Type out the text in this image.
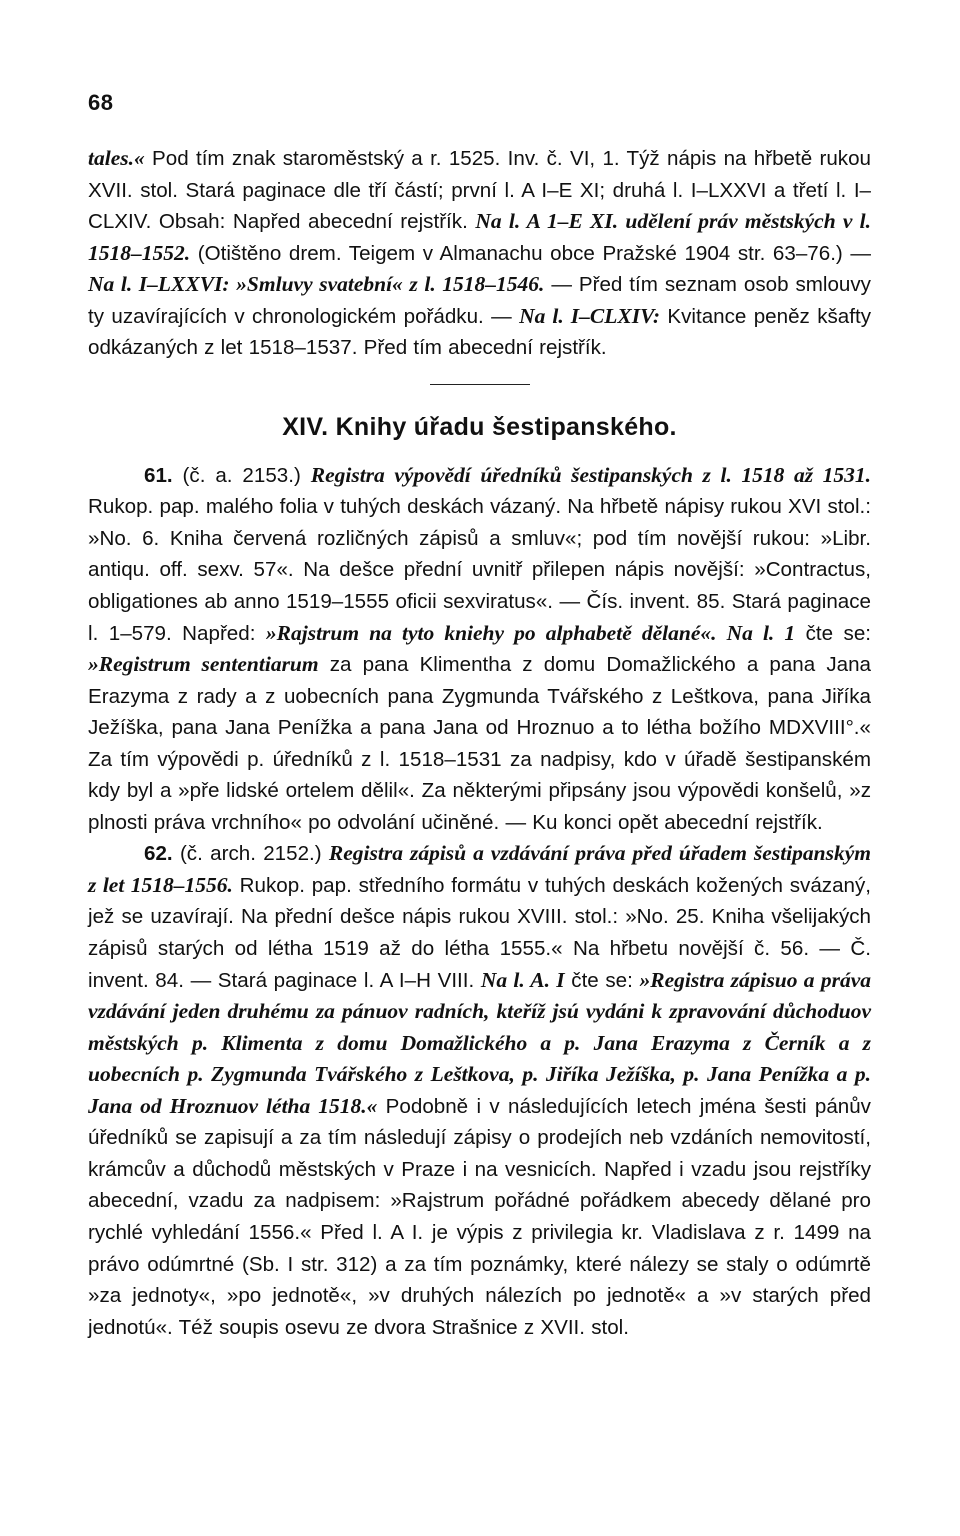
68

tales.« Pod tím znak staroměstský a r. 1525. Inv. č. VI, 1. Týž nápis na hřbetě rukou XVII. stol. Stará paginace dle tří částí; první l. A I–E XI; druhá l. I–LXXVI a třetí l. I–CLXIV. Obsah: Napřed abecední rejstřík. Na l. A 1–E XI. udělení práv městských v l. 1518–1552. (Otištěno drem. Teigem v Almanachu obce Pražské 1904 str. 63–76.) — Na l. I–LXXVI: »Smluvy svatební« z l. 1518–1546. — Před tím seznam osob smlouvy ty uzavírajících v chronologickém pořádku. — Na l. I–CLXIV: Kvitance peněz kšafty odkázaných z let 1518–1537. Před tím abecední rejstřík.

XIV. Knihy úřadu šestipanského.

61. (č. a. 2153.) Registra výpovědí úředníků šestipanských z l. 1518 až 1531. Rukop. pap. malého folia v tuhých deskách vázaný. Na hřbetě nápisy rukou XVI stol.: »No. 6. Kniha červená rozličných zápisů a smluv«; pod tím novější rukou: »Libr. antiqu. off. sexv. 57«. Na dešce přední uvnitř přilepen nápis novější: »Contractus, obligationes ab anno 1519–1555 oficii sexviratus«. — Čís. invent. 85. Stará paginace l. 1–579. Napřed: »Rajstrum na tyto kniehy po alphabetě dělané«. Na l. 1 čte se: »Registrum sententiarum za pana Klimentha z domu Domažlického a pana Jana Erazyma z rady a z uobecních pana Zygmunda Tvářského z Leštkova, pana Jiříka Ježíška, pana Jana Penížka a pana Jana od Hroznuo a to létha božího MDXVIII°.« Za tím výpovědi p. úředníků z l. 1518–1531 za nadpisy, kdo v úřadě šestipanském kdy byl a »pře lidské ortelem dělil«. Za některými připsány jsou výpovědi konšelů, »z plnosti práva vrchního« po odvolání učiněné. — Ku konci opět abecední rejstřík.

62. (č. arch. 2152.) Registra zápisů a vzdávání práva před úřadem šestipanským z let 1518–1556. Rukop. pap. středního formátu v tuhých deskách kožených svázaný, jež se uzavírají. Na přední dešce nápis rukou XVIII. stol.: »No. 25. Kniha všelijakých zápisů starých od létha 1519 až do létha 1555.« Na hřbetu novější č. 56. — Č. invent. 84. — Stará paginace l. A I–H VIII. Na l. A. I čte se: »Registra zápisuo a práva vzdávání jeden druhému za pánuov radních, kteříž jsú vydáni k zpravování důchoduov městských p. Klimenta z domu Domažlického a p. Jana Erazyma z Černík a z uobecních p. Zygmunda Tvářského z Leštkova, p. Jiříka Ježíška, p. Jana Penížka a p. Jana od Hroznuov létha 1518.« Podobně i v následujících letech jména šesti pánův úředníků se zapisují a za tím následují zápisy o prodejích neb vzdáních nemovitostí, krámcův a důchodů městských v Praze i na vesnicích. Napřed i vzadu jsou rejstříky abecední, vzadu za nadpisem: »Rajstrum pořádné pořádkem abecedy dělané pro rychlé vyhledání 1556.« Před l. A I. je výpis z privilegia kr. Vladislava z r. 1499 na právo odúmrtné (Sb. I str. 312) a za tím poznámky, které nálezy se staly o odúmrtě »za jednoty«, »po jednotě«, »v druhých nálezích po jednotě« a »v starých před jednotú«. Též soupis osevu ze dvora Strašnice z XVII. stol.
